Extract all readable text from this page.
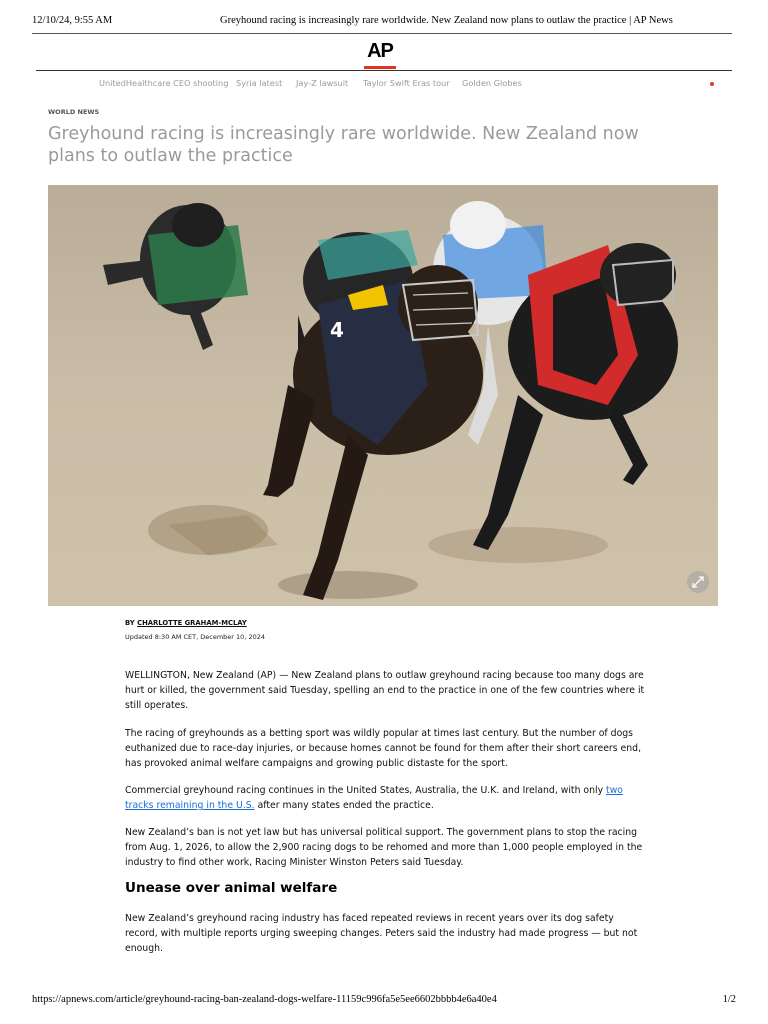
12/10/24, 9:55 AM	Greyhound racing is increasingly rare worldwide. New Zealand now plans to outlaw the practice | AP News
AP
UnitedHealthcare CEO shooting Syria latest Jay-Z lawsuit Taylor Swift Eras tour Golden Globes
WORLD NEWS
Greyhound racing is increasingly rare worldwide. New Zealand now plans to outlaw the practice
4
BY CHARLOTTE GRAHAM-MCLAY
Updated 8:30 AM CET, December 10, 2024

WELLINGTON, New Zealand (AP) — New Zealand plans to outlaw greyhound racing because too many dogs are hurt or killed, the government said Tuesday, spelling an end to the practice in one of the few countries where it still operates.

The racing of greyhounds as a betting sport was wildly popular at times last century. But the number of dogs euthanized due to race-day injuries, or because homes cannot be found for them after their short careers end, has provoked animal welfare campaigns and growing public distaste for the sport.

Commercial greyhound racing continues in the United States, Australia, the U.K. and Ireland, with only two tracks remaining in the U.S. after many states ended the practice.

New Zealand’s ban is not yet law but has universal political support. The government plans to stop the racing from Aug. 1, 2026, to allow the 2,900 racing dogs to be rehomed and more than 1,000 people employed in the industry to find other work, Racing Minister Winston Peters said Tuesday.

Unease over animal welfare

New Zealand’s greyhound racing industry has faced repeated reviews in recent years over its dog safety record, with multiple reports urging sweeping changes. Peters said the industry had made progress — but not enough.

https://apnews.com/article/greyhound-racing-ban-zealand-dogs-welfare-11159c996fa5e5ee6602bbbb4e6a40e4	1/2
